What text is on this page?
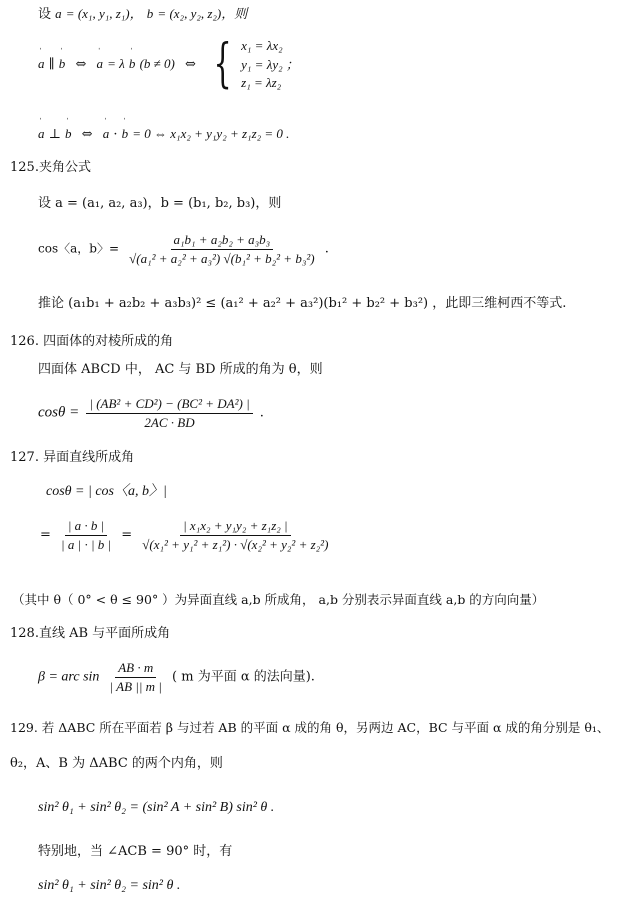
设 ˈ a = (x₁, y₁, z₁)， ˈ b = (x₂, y₂, z₂)，则
ˈ a ∥ ˈ b ⇔ ˈ a = λ ˈ b (b ≠ 0) ⇔ { x₁ = λx₂
y₁ = λy₂ ；
z₁ = λz₂
ˈ a ⊥ ˈ b ⇔ ˈ a · ˈ b = 0 ⇔ x₁x₂ + y₁y₂ + z₁z₂ = 0 .
125.夹角公式
设 a = (a₁, a₂, a₃)，b = (b₁, b₂, b₃)，则
cos〈a，b〉= $\frac{\text{a₁b₁ + a₂b₂ + a₃b₃}}{\text{√(a₁² + a₂² + a₃²) √(b₁² + b₂² + b₃²)}}$ .
推论 (a₁b₁ + a₂b₂ + a₃b₃)² ≤ (a₁² + a₂² + a₃²)(b₁² + b₂² + b₃²) ，此即三维柯西不等式.
126. 四面体的对棱所成的角
四面体 ABCD 中， AC 与 BD 所成的角为 θ，则
$\cos\theta = \frac{\text{| (AB² + CD²) − (BC² + DA²) |}}{2AC \cdot BD}$ .
127. 异面直线所成角
cosθ = | cos〈a, b〉|
= $\frac{| a \cdot b |}{| a | \cdot | b |} = \frac{\text{| x₁x₂ + y₁y₂ + z₁z₂ |}}{\text{√(x₁² + y₁² + z₁²) · √(x₂² + y₂² + z₂²)}}$
（其中 θ（ 0° < θ ≤ 90° ）为异面直线 a,b 所成角， a,b 分别表示异面直线 a,b 的方向向量）
128.直线 AB 与平面所成角
β = arc $\sin \frac{AB \cdot m}{| AB || m |}$ ( m 为平面 α 的法向量).
129. 若 ΔABC 所在平面若 β 与过若 AB 的平面 α 成的角 θ，另两边 AC，BC 与平面 α 成的角分别是 θ₁、
θ₂，A、B 为 ΔABC 的两个内角，则
sin² θ₁ + sin² θ₂ = (sin² A + sin² B) sin² θ .
特别地，当 ∠ACB = 90° 时，有
sin² θ₁ + sin² θ₂ = sin² θ .
